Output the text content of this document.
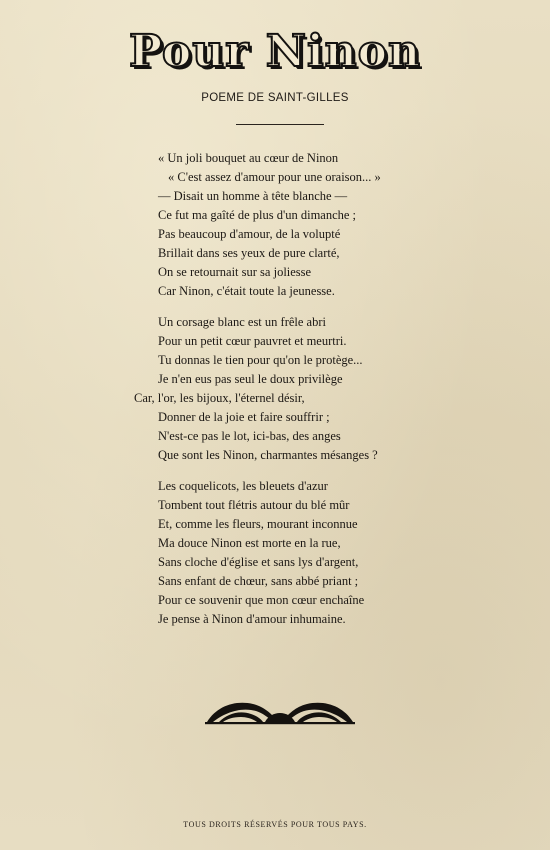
Pour Ninon
POEME DE SAINT-GILLES
« Un joli bouquet au cœur de Ninon
« C'est assez d'amour pour une oraison... »
— Disait un homme à tête blanche —
Ce fut ma gaîté de plus d'un dimanche ;
Pas beaucoup d'amour, de la volupté
Brillait dans ses yeux de pure clarté,
On se retournait sur sa joliesse
Car Ninon, c'était toute la jeunesse.
Un corsage blanc est un frêle abri
Pour un petit cœur pauvret et meurtri.
Tu donnas le tien pour qu'on le protège...
Je n'en eus pas seul le doux privilège
Car, l'or, les bijoux, l'éternel désir,
Donner de la joie et faire souffrir ;
N'est-ce pas le lot, ici-bas, des anges
Que sont les Ninon, charmantes mésanges ?
Les coquelicots, les bleuets d'azur
Tombent tout flétris autour du blé mûr
Et, comme les fleurs, mourant inconnue
Ma douce Ninon est morte en la rue,
Sans cloche d'église et sans lys d'argent,
Sans enfant de chœur, sans abbé priant ;
Pour ce souvenir que mon cœur enchaîne
Je pense à Ninon d'amour inhumaine.
TOUS DROITS RÉSERVÉS POUR TOUS PAYS.
